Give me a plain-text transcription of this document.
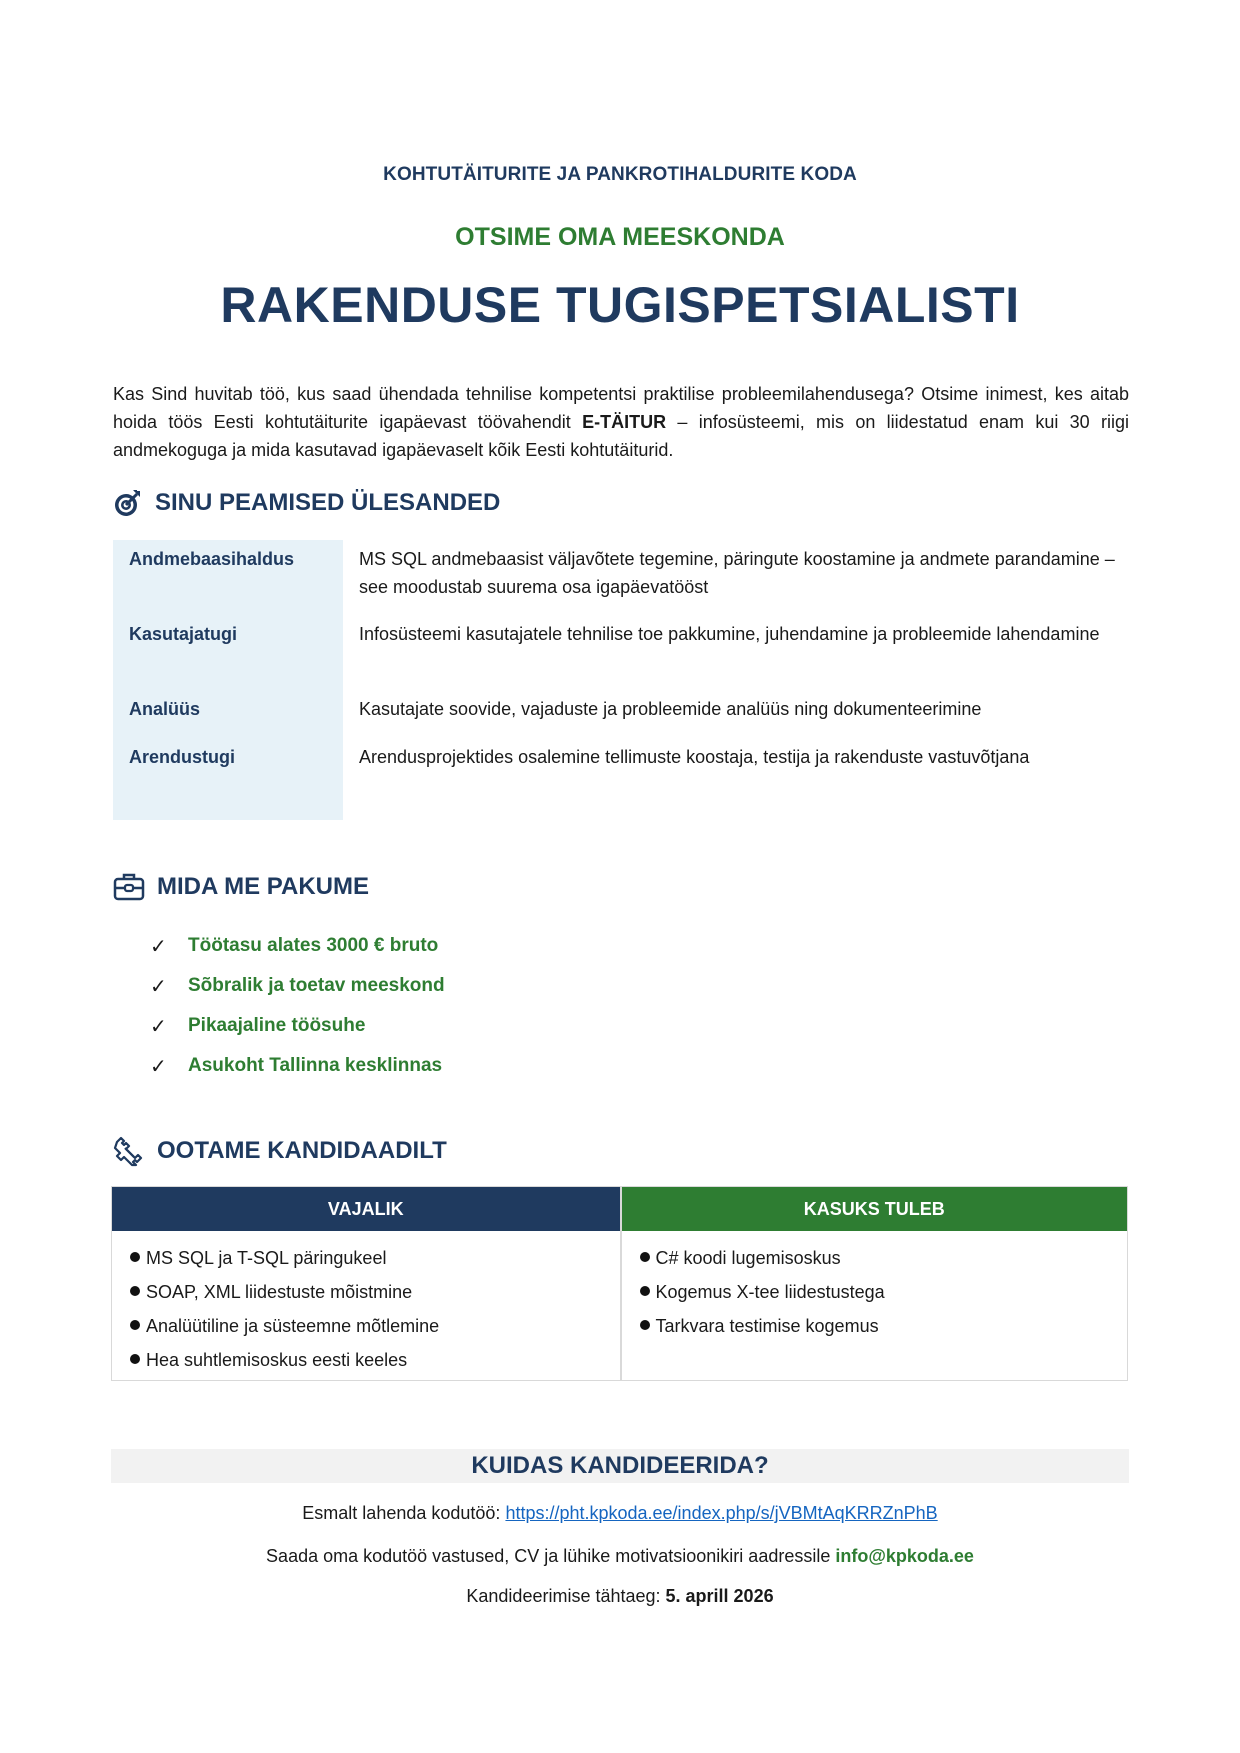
KOHTUTÄITURITE JA PANKROTIHALDURITE KODA
OTSIME OMA MEESKONDA
RAKENDUSE TUGISPETSIALISTI
Kas Sind huvitab töö, kus saad ühendada tehnilise kompetentsi praktilise probleemilahendusega? Otsime inimest, kes aitab hoida töös Eesti kohtutäiturite igapäevast töövahendit E-TÄITUR – infosüsteemi, mis on liidestatud enam kui 30 riigi andmekoguga ja mida kasutavad igapäevaselt kõik Eesti kohtutäiturid.
SINU PEAMISED ÜLESANDED
Andmebaasihaldus	MS SQL andmebaasist väljavõtete tegemine, päringute koostamine ja andmete parandamine – see moodustab suurema osa igapäevatööst
Kasutajatugi	Infosüsteemi kasutajatele tehnilise toe pakkumine, juhendamine ja probleemide lahendamine
Analüüs	Kasutajate soovide, vajaduste ja probleemide analüüs ning dokumenteerimine
Arendustugi	Arendusprojektides osalemine tellimuste koostaja, testija ja rakenduste vastuvõtjana
MIDA ME PAKUME
✓	Töötasu alates 3000 € bruto
✓	Sõbralik ja toetav meeskond
✓	Pikaajaline töösuhe
✓	Asukoht Tallinna kesklinnas
OOTAME KANDIDAADILT
VAJALIK
MS SQL ja T-SQL päringukeel
SOAP, XML liidestuste mõistmine
Analüütiline ja süsteemne mõtlemine
Hea suhtlemisoskus eesti keeles
KASUKS TULEB
C# koodi lugemisoskus
Kogemus X-tee liidestustega
Tarkvara testimise kogemus
KUIDAS KANDIDEERIDA?
Esmalt lahenda kodutöö: https://pht.kpkoda.ee/index.php/s/jVBMtAqKRRZnPhB
Saada oma kodutöö vastused, CV ja lühike motivatsioonikiri aadressile info@kpkoda.ee
Kandideerimise tähtaeg: 5. aprill 2026
